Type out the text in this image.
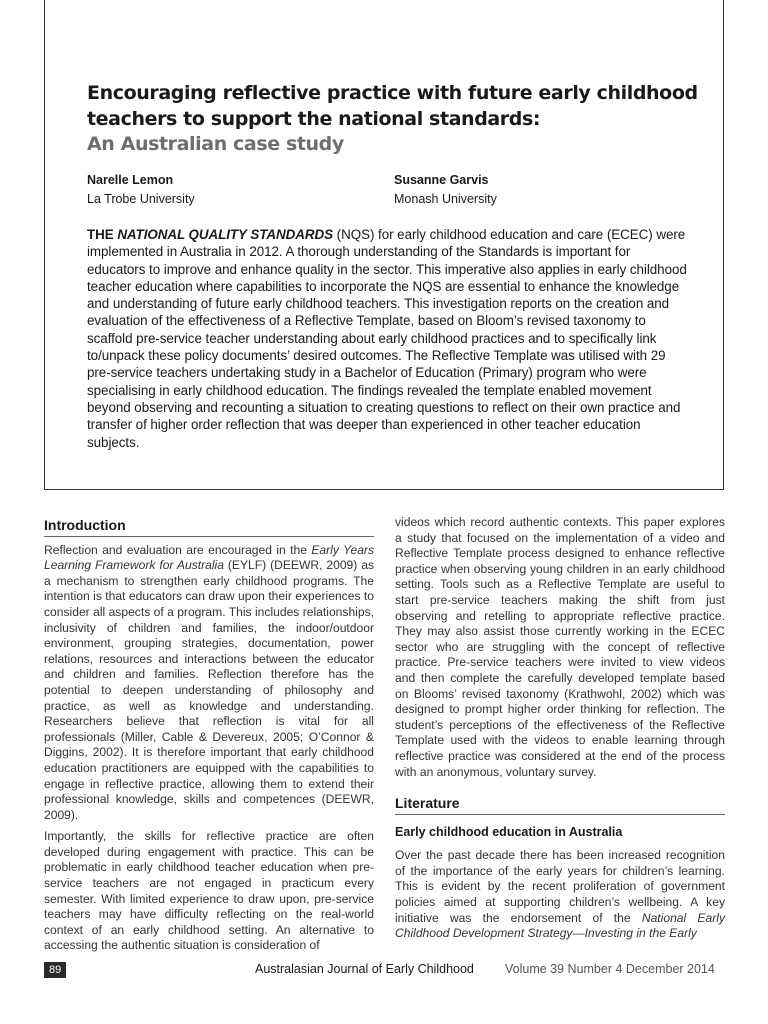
Encouraging reflective practice with future early childhood
teachers to support the national standards:
An Australian case study
Narelle Lemon
La Trobe University
Susanne Garvis
Monash University

THE NATIONAL QUALITY STANDARDS (NQS) for early childhood education and care (ECEC) were implemented in Australia in 2012. A thorough understanding of the Standards is important for educators to improve and enhance quality in the sector. This imperative also applies in early childhood teacher education where capabilities to incorporate the NQS are essential to enhance the knowledge and understanding of future early childhood teachers. This investigation reports on the creation and evaluation of the effectiveness of a Reflective Template, based on Bloom’s revised taxonomy to scaffold pre-service teacher understanding about early childhood practices and to specifically link to/unpack these policy documents’ desired outcomes. The Reflective Template was utilised with 29 pre-service teachers undertaking study in a Bachelor of Education (Primary) program who were specialising in early childhood education. The findings revealed the template enabled movement beyond observing and recounting a situation to creating questions to reflect on their own practice and transfer of higher order reflection that was deeper than experienced in other teacher education subjects.

Introduction

Reflection and evaluation are encouraged in the Early Years Learning Framework for Australia (EYLF) (DEEWR, 2009) as a mechanism to strengthen early childhood programs. The intention is that educators can draw upon their experiences to consider all aspects of a program. This includes relationships, inclusivity of children and families, the indoor/outdoor environment, grouping strategies, documentation, power relations, resources and interactions between the educator and children and families. Reflection therefore has the potential to deepen understanding of philosophy and practice, as well as knowledge and understanding. Researchers believe that reflection is vital for all professionals (Miller, Cable & Devereux, 2005; O’Connor & Diggins, 2002). It is therefore important that early childhood education practitioners are equipped with the capabilities to engage in reflective practice, allowing them to extend their professional knowledge, skills and competences (DEEWR, 2009).

Importantly, the skills for reflective practice are often developed during engagement with practice. This can be problematic in early childhood teacher education when pre-service teachers are not engaged in practicum every semester. With limited experience to draw upon, pre-service teachers may have difficulty reflecting on the real-world context of an early childhood setting. An alternative to accessing the authentic situation is consideration of

videos which record authentic contexts. This paper explores a study that focused on the implementation of a video and Reflective Template process designed to enhance reflective practice when observing young children in an early childhood setting. Tools such as a Reflective Template are useful to start pre-service teachers making the shift from just observing and retelling to appropriate reflective practice. They may also assist those currently working in the ECEC sector who are struggling with the concept of reflective practice. Pre-service teachers were invited to view videos and then complete the carefully developed template based on Blooms’ revised taxonomy (Krathwohl, 2002) which was designed to prompt higher order thinking for reflection. The student’s perceptions of the effectiveness of the Reflective Template used with the videos to enable learning through reflective practice was considered at the end of the process with an anonymous, voluntary survey.

Literature
Early childhood education in Australia

Over the past decade there has been increased recognition of the importance of the early years for children’s learning. This is evident by the recent proliferation of government policies aimed at supporting children’s wellbeing. A key initiative was the endorsement of the National Early Childhood Development Strategy—Investing in the Early

89	Australasian Journal of Early Childhood Volume 39 Number 4 December 2014
